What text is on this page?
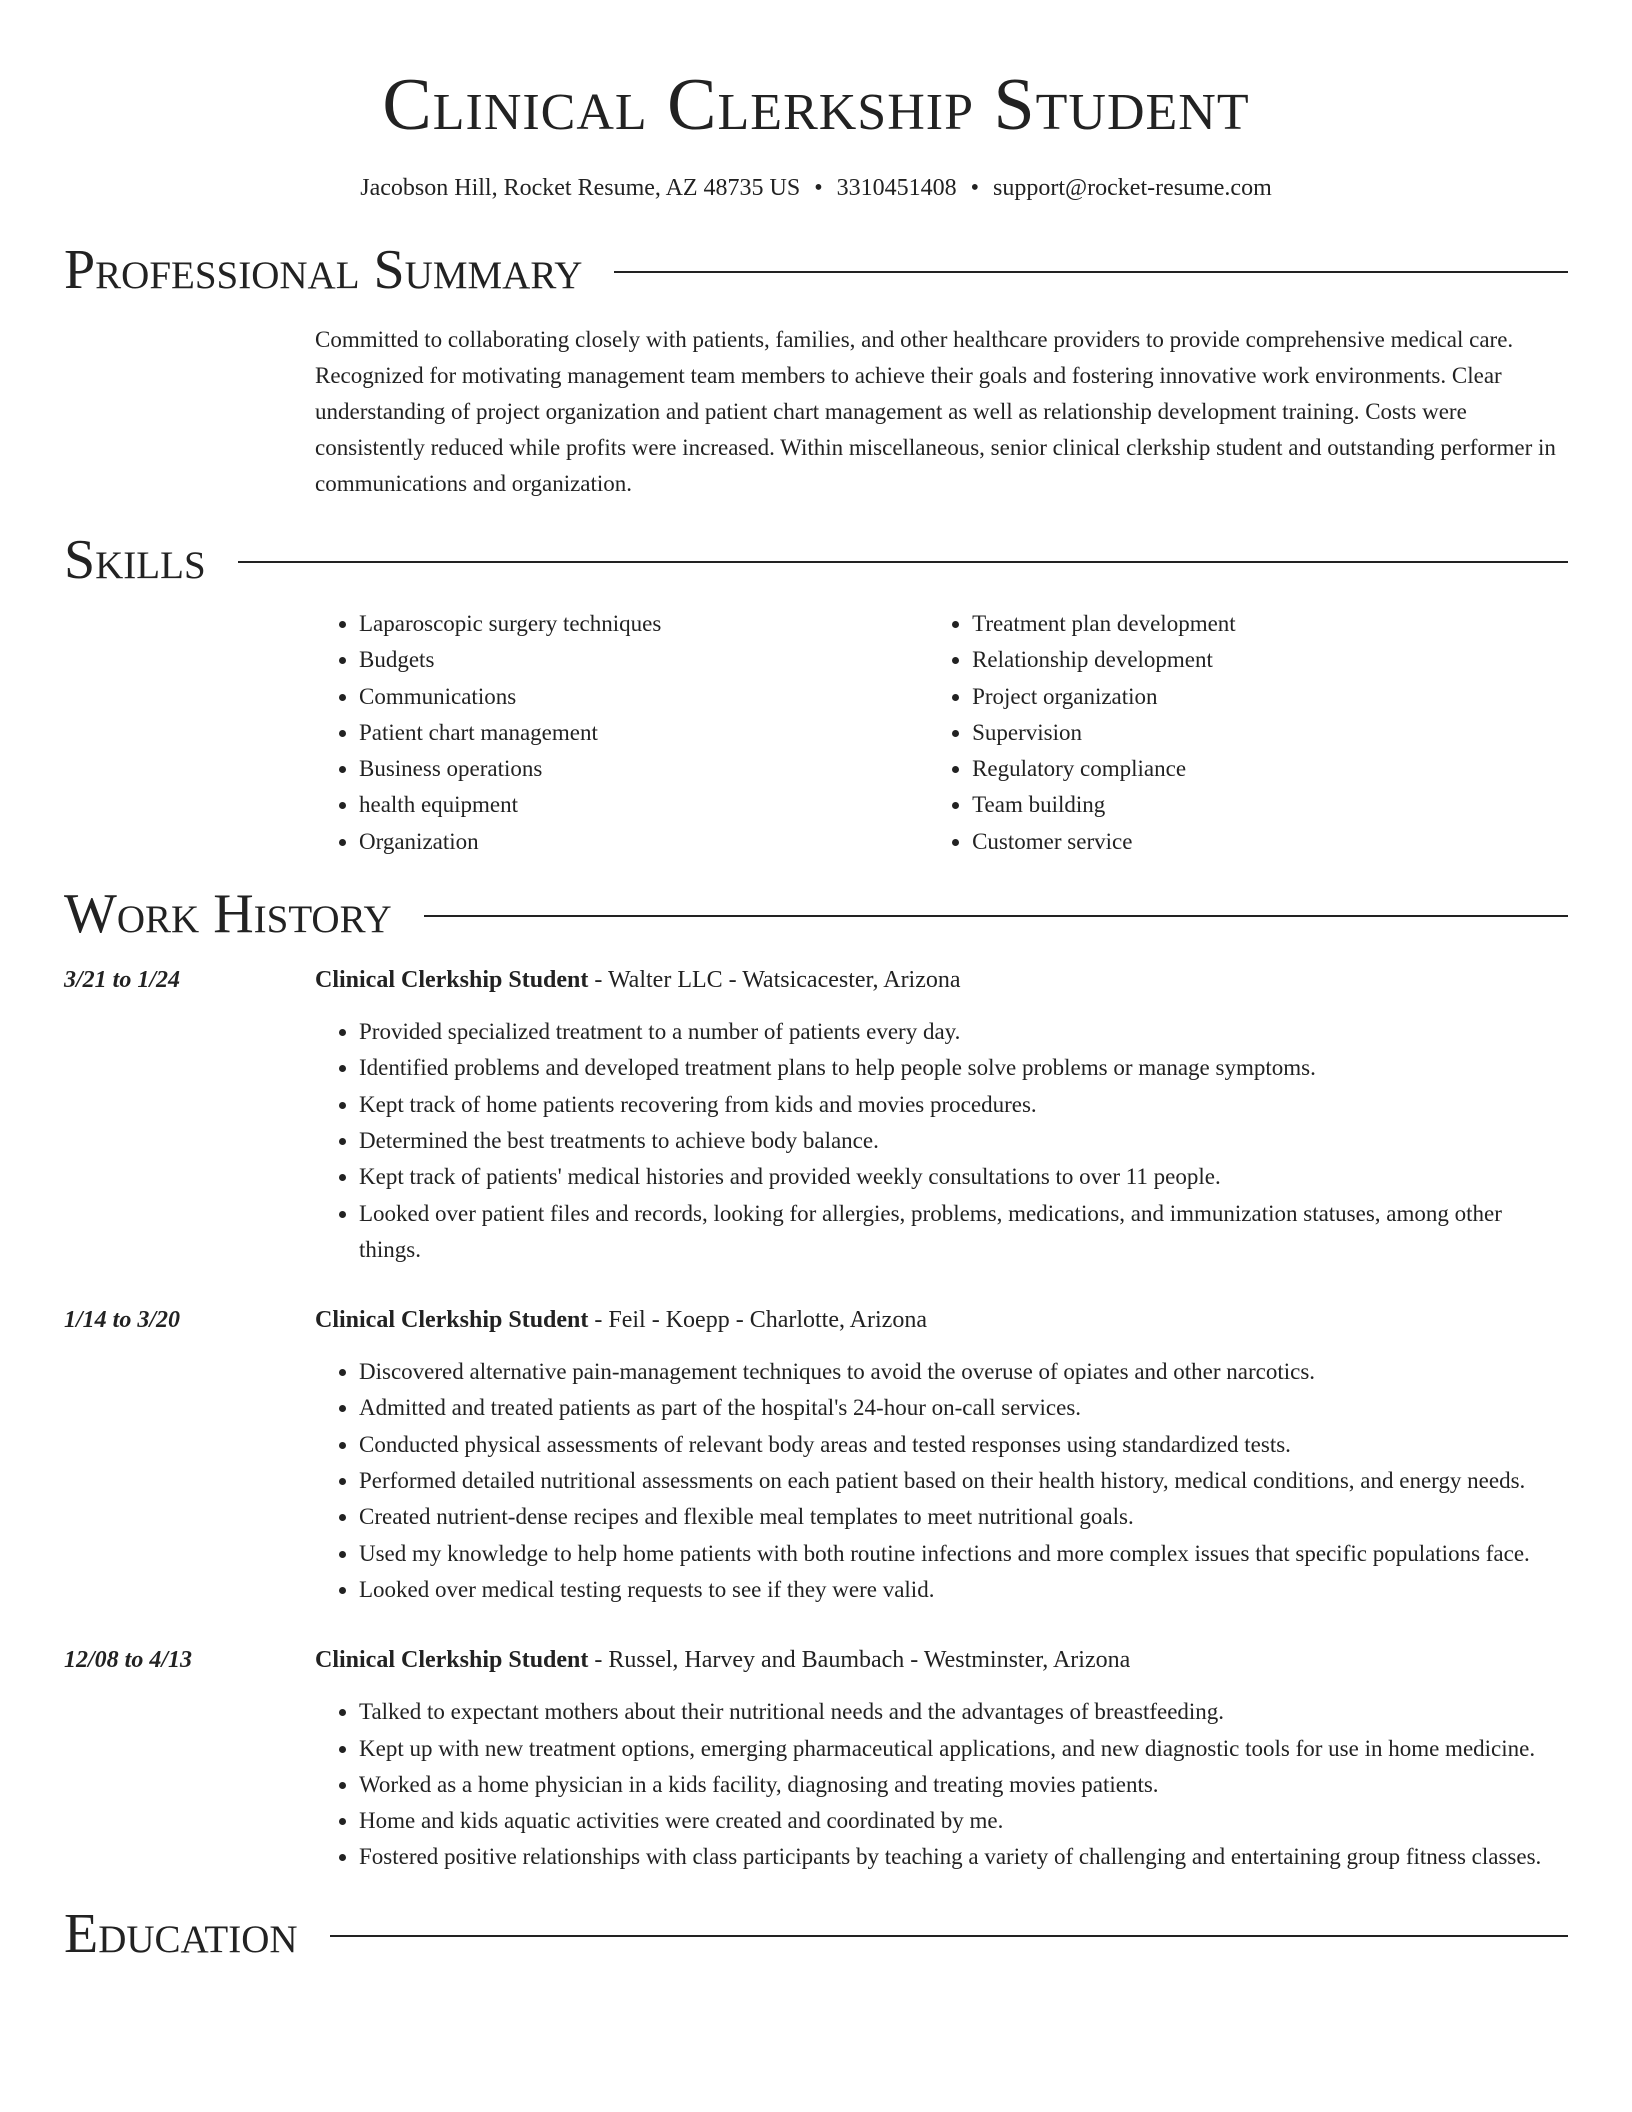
Clinical Clerkship Student
Jacobson Hill, Rocket Resume, AZ 48735 US • 3310451408 • support@rocket-resume.com
Professional Summary
Committed to collaborating closely with patients, families, and other healthcare providers to provide comprehensive medical care. Recognized for motivating management team members to achieve their goals and fostering innovative work environments. Clear understanding of project organization and patient chart management as well as relationship development training. Costs were consistently reduced while profits were increased. Within miscellaneous, senior clinical clerkship student and outstanding performer in communications and organization.
Skills
• Laparoscopic surgery techniques
• Budgets
• Communications
• Patient chart management
• Business operations
• health equipment
• Organization
• Treatment plan development
• Relationship development
• Project organization
• Supervision
• Regulatory compliance
• Team building
• Customer service
Work History
3/21 to 1/24	Clinical Clerkship Student - Walter LLC - Watsicacester, Arizona
• Provided specialized treatment to a number of patients every day.
• Identified problems and developed treatment plans to help people solve problems or manage symptoms.
• Kept track of home patients recovering from kids and movies procedures.
• Determined the best treatments to achieve body balance.
• Kept track of patients' medical histories and provided weekly consultations to over 11 people.
• Looked over patient files and records, looking for allergies, problems, medications, and immunization statuses, among other things.
1/14 to 3/20	Clinical Clerkship Student - Feil - Koepp - Charlotte, Arizona
• Discovered alternative pain-management techniques to avoid the overuse of opiates and other narcotics.
• Admitted and treated patients as part of the hospital's 24-hour on-call services.
• Conducted physical assessments of relevant body areas and tested responses using standardized tests.
• Performed detailed nutritional assessments on each patient based on their health history, medical conditions, and energy needs.
• Created nutrient-dense recipes and flexible meal templates to meet nutritional goals.
• Used my knowledge to help home patients with both routine infections and more complex issues that specific populations face.
• Looked over medical testing requests to see if they were valid.
12/08 to 4/13	Clinical Clerkship Student - Russel, Harvey and Baumbach - Westminster, Arizona
• Talked to expectant mothers about their nutritional needs and the advantages of breastfeeding.
• Kept up with new treatment options, emerging pharmaceutical applications, and new diagnostic tools for use in home medicine.
• Worked as a home physician in a kids facility, diagnosing and treating movies patients.
• Home and kids aquatic activities were created and coordinated by me.
• Fostered positive relationships with class participants by teaching a variety of challenging and entertaining group fitness classes.
Education
